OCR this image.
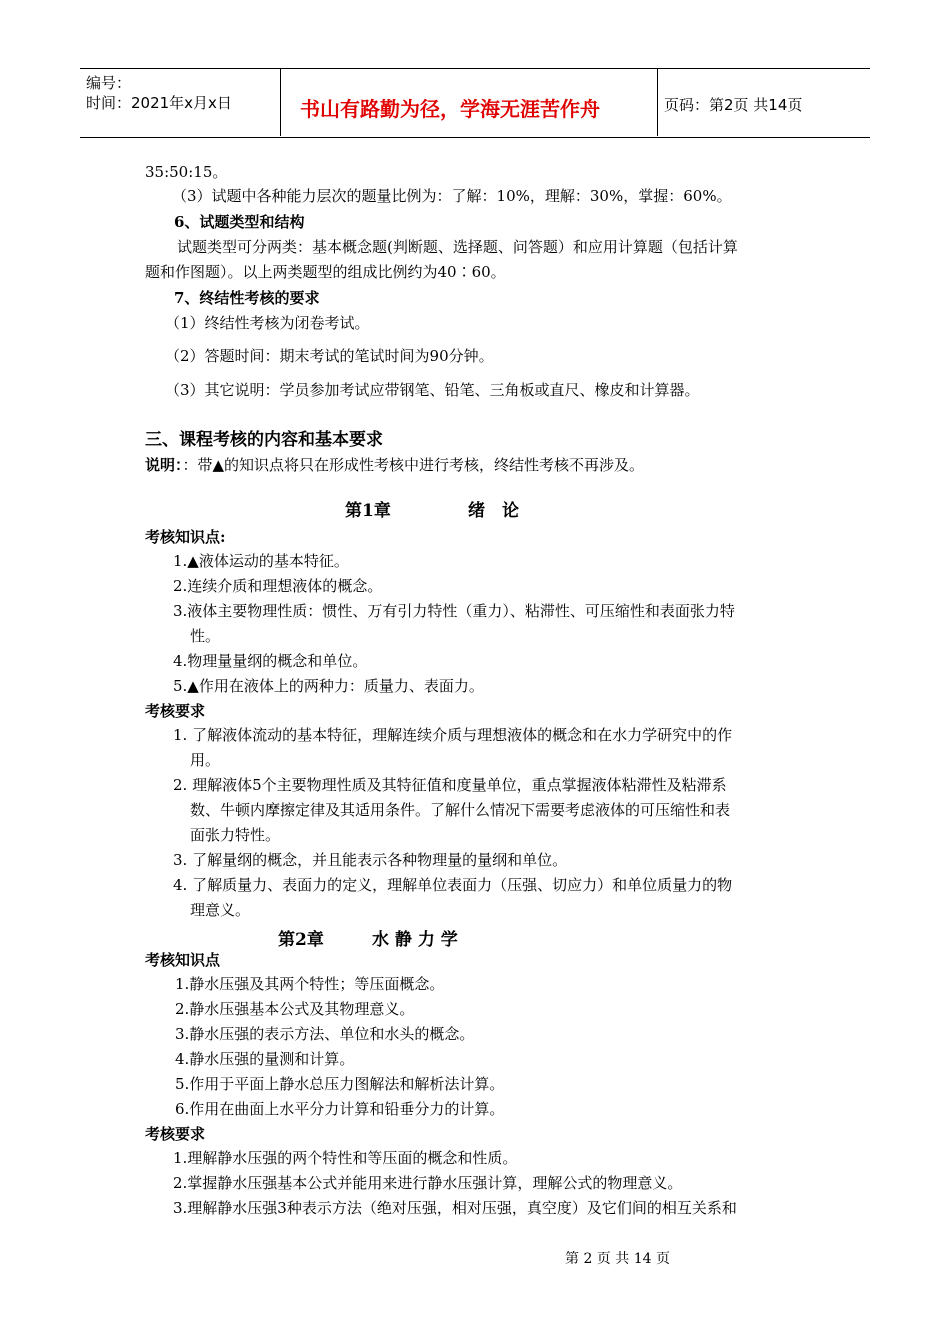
编号：
时间：2021年x月x日	书山有路勤为径，学海无涯苦作舟	页码：第2页 共14页
35:50:15。
（3）试题中各种能力层次的题量比例为：了解：10%，理解：30%，掌握：60%。
6、试题类型和结构
试题类型可分两类：基本概念题(判断题、选择题、问答题）和应用计算题（包括计算
题和作图题）。以上两类题型的组成比例约为40∶60。
7、终结性考核的要求
（1）终结性考核为闭卷考试。
（2）答题时间：期末考试的笔试时间为90分钟。
（3）其它说明：学员参加考试应带钢笔、铅笔、三角板或直尺、橡皮和计算器。
三、课程考核的内容和基本要求
说明：：带▲的知识点将只在形成性考核中进行考核，终结性考核不再涉及。
第1章	绪　论
考核知识点:
1.▲液体运动的基本特征。
2.连续介质和理想液体的概念。
3.液体主要物理性质：惯性、万有引力特性（重力）、粘滞性、可压缩性和表面张力特
性。
4.物理量量纲的概念和单位。
5.▲作用在液体上的两种力：质量力、表面力。
考核要求
1. 了解液体流动的基本特征，理解连续介质与理想液体的概念和在水力学研究中的作
用。
2. 理解液体5个主要物理性质及其特征值和度量单位，重点掌握液体粘滞性及粘滞系
数、牛顿内摩擦定律及其适用条件。了解什么情况下需要考虑液体的可压缩性和表
面张力特性。
3. 了解量纲的概念，并且能表示各种物理量的量纲和单位。
4. 了解质量力、表面力的定义，理解单位表面力（压强、切应力）和单位质量力的物
理意义。
第2章	水 静 力 学
考核知识点
1.静水压强及其两个特性；等压面概念。
2.静水压强基本公式及其物理意义。
3.静水压强的表示方法、单位和水头的概念。
4.静水压强的量测和计算。
5.作用于平面上静水总压力图解法和解析法计算。
6.作用在曲面上水平分力计算和铅垂分力的计算。
考核要求
1.理解静水压强的两个特性和等压面的概念和性质。
2.掌握静水压强基本公式并能用来进行静水压强计算，理解公式的物理意义。
3.理解静水压强3种表示方法（绝对压强，相对压强，真空度）及它们间的相互关系和
第 2 页 共 14 页
